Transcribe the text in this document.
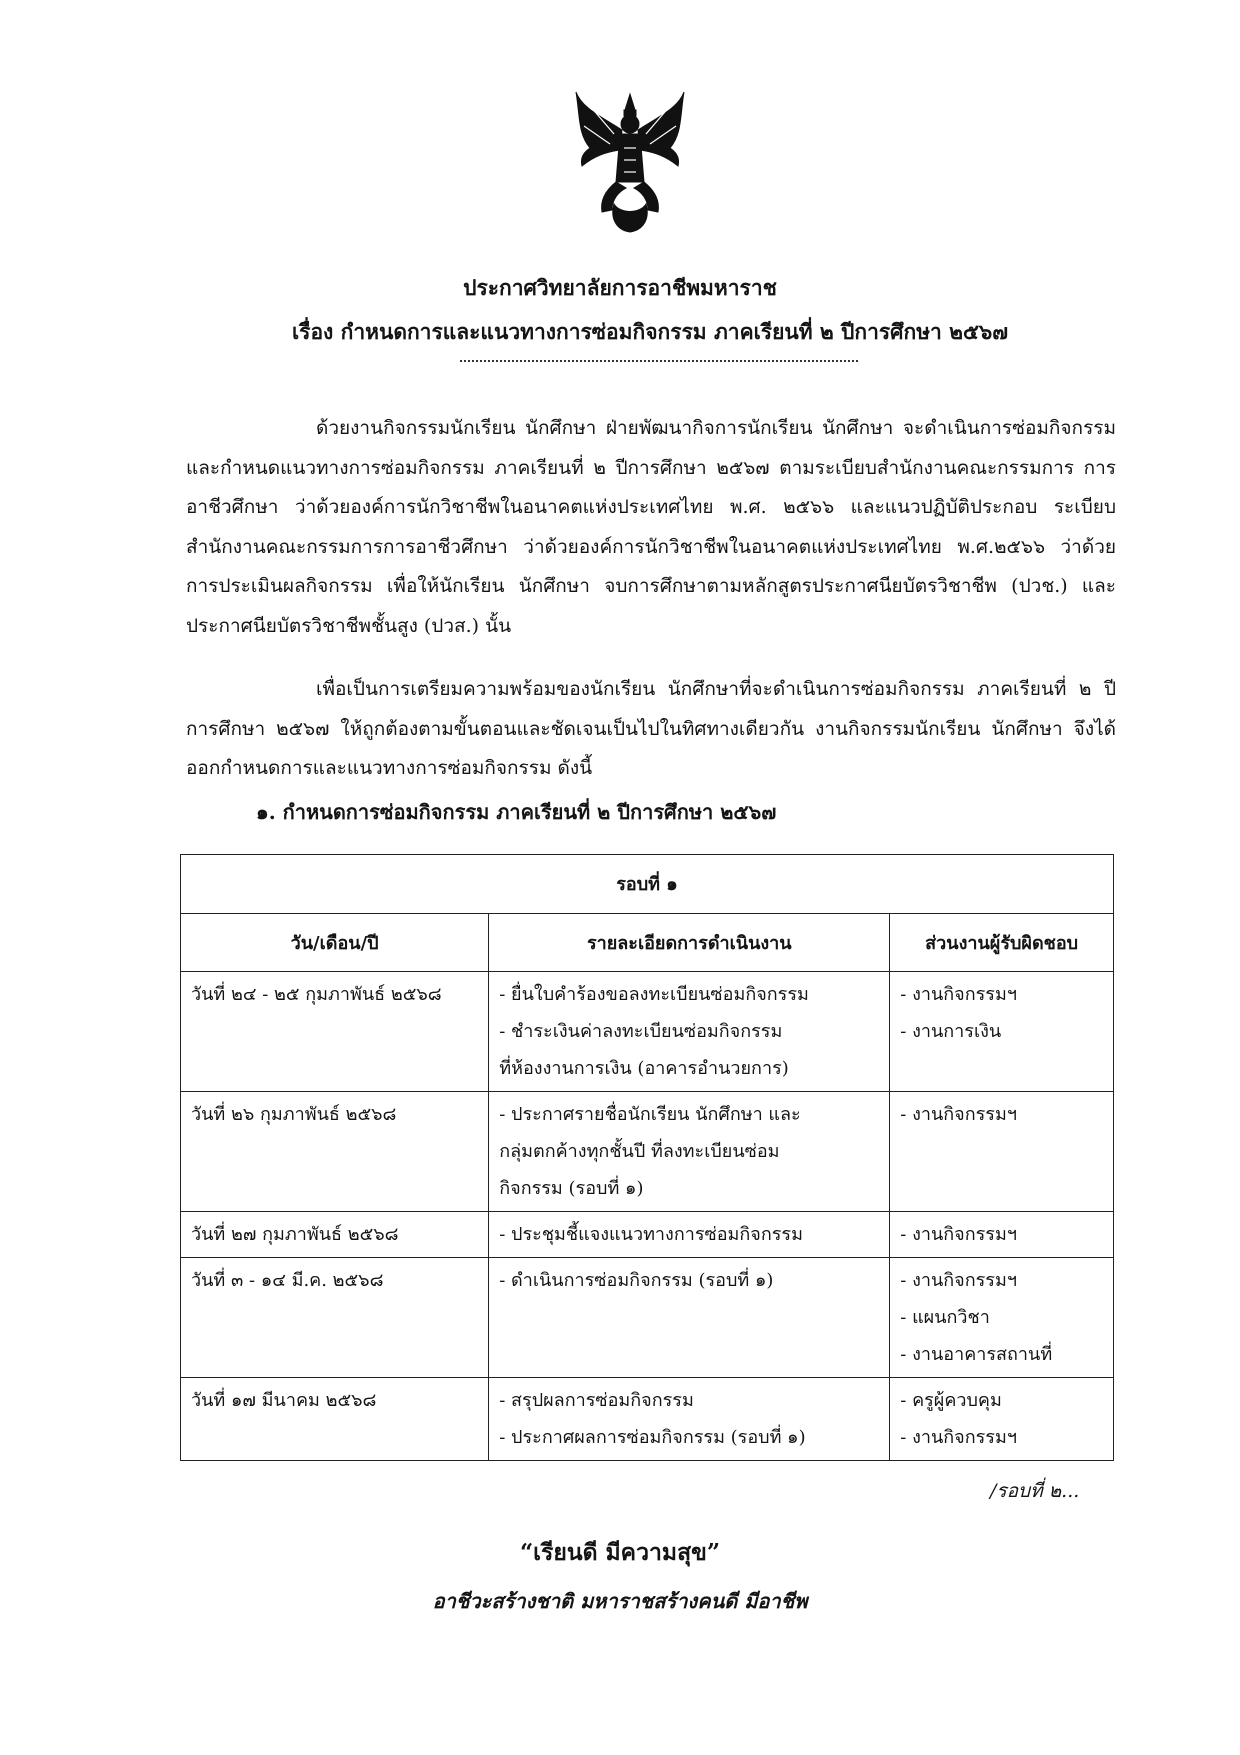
ประกาศวิทยาลัยการอาชีพมหาราช
เรื่อง กำหนดการและแนวทางการซ่อมกิจกรรม ภาคเรียนที่ ๒ ปีการศึกษา ๒๕๖๗
ด้วยงานกิจกรรมนักเรียน นักศึกษา ฝ่ายพัฒนากิจการนักเรียน นักศึกษา จะดำเนินการซ่อมกิจกรรม และกำหนดแนวทางการซ่อมกิจกรรม ภาคเรียนที่ ๒ ปีการศึกษา ๒๕๖๗ ตามระเบียบสำนักงานคณะกรรมการ การอาชีวศึกษา ว่าด้วยองค์การนักวิชาชีพในอนาคตแห่งประเทศไทย พ.ศ. ๒๕๖๖ และแนวปฏิบัติประกอบ ระเบียบสำนักงานคณะกรรมการการอาชีวศึกษา ว่าด้วยองค์การนักวิชาชีพในอนาคตแห่งประเทศไทย พ.ศ.๒๕๖๖ ว่าด้วยการประเมินผลกิจกรรม เพื่อให้นักเรียน นักศึกษา จบการศึกษาตามหลักสูตรประกาศนียบัตรวิชาชีพ (ปวช.) และประกาศนียบัตรวิชาชีพชั้นสูง (ปวส.) นั้น
เพื่อเป็นการเตรียมความพร้อมของนักเรียน นักศึกษาที่จะดำเนินการซ่อมกิจกรรม ภาคเรียนที่ ๒ ปีการศึกษา ๒๕๖๗ ให้ถูกต้องตามขั้นตอนและชัดเจนเป็นไปในทิศทางเดียวกัน งานกิจกรรมนักเรียน นักศึกษา จึงได้ออกกำหนดการและแนวทางการซ่อมกิจกรรม ดังนี้
๑. กำหนดการซ่อมกิจกรรม ภาคเรียนที่ ๒ ปีการศึกษา ๒๕๖๗
รอบที่ ๑		
วัน/เดือน/ปี	รายละเอียดการดำเนินงาน	ส่วนงานผู้รับผิดชอบ

วันที่ ๒๔ - ๒๕ กุมภาพันธ์ ๒๕๖๘	- ยื่นใบคำร้องขอลงทะเบียนซ่อมกิจกรรม
- ชำระเงินค่าลงทะเบียนซ่อมกิจกรรม
ที่ห้องงานการเงิน (อาคารอำนวยการ)	- งานกิจกรรมฯ
- งานการเงิน

วันที่ ๒๖ กุมภาพันธ์ ๒๕๖๘	- ประกาศรายชื่อนักเรียน นักศึกษา และ
กลุ่มตกค้างทุกชั้นปี ที่ลงทะเบียนซ่อม
กิจกรรม (รอบที่ ๑)	- งานกิจกรรมฯ

วันที่ ๒๗ กุมภาพันธ์ ๒๕๖๘	- ประชุมชี้แจงแนวทางการซ่อมกิจกรรม	- งานกิจกรรมฯ

วันที่ ๓ - ๑๔ มี.ค. ๒๕๖๘	- ดำเนินการซ่อมกิจกรรม (รอบที่ ๑)	- งานกิจกรรมฯ
- แผนกวิชา
- งานอาคารสถานที่

วันที่ ๑๗ มีนาคม ๒๕๖๘	- สรุปผลการซ่อมกิจกรรม
- ประกาศผลการซ่อมกิจกรรม (รอบที่ ๑)	- ครูผู้ควบคุม
- งานกิจกรรมฯ
/รอบที่ ๒...
“เรียนดี มีความสุข”
อาชีวะสร้างชาติ มหาราชสร้างคนดี มีอาชีพ
